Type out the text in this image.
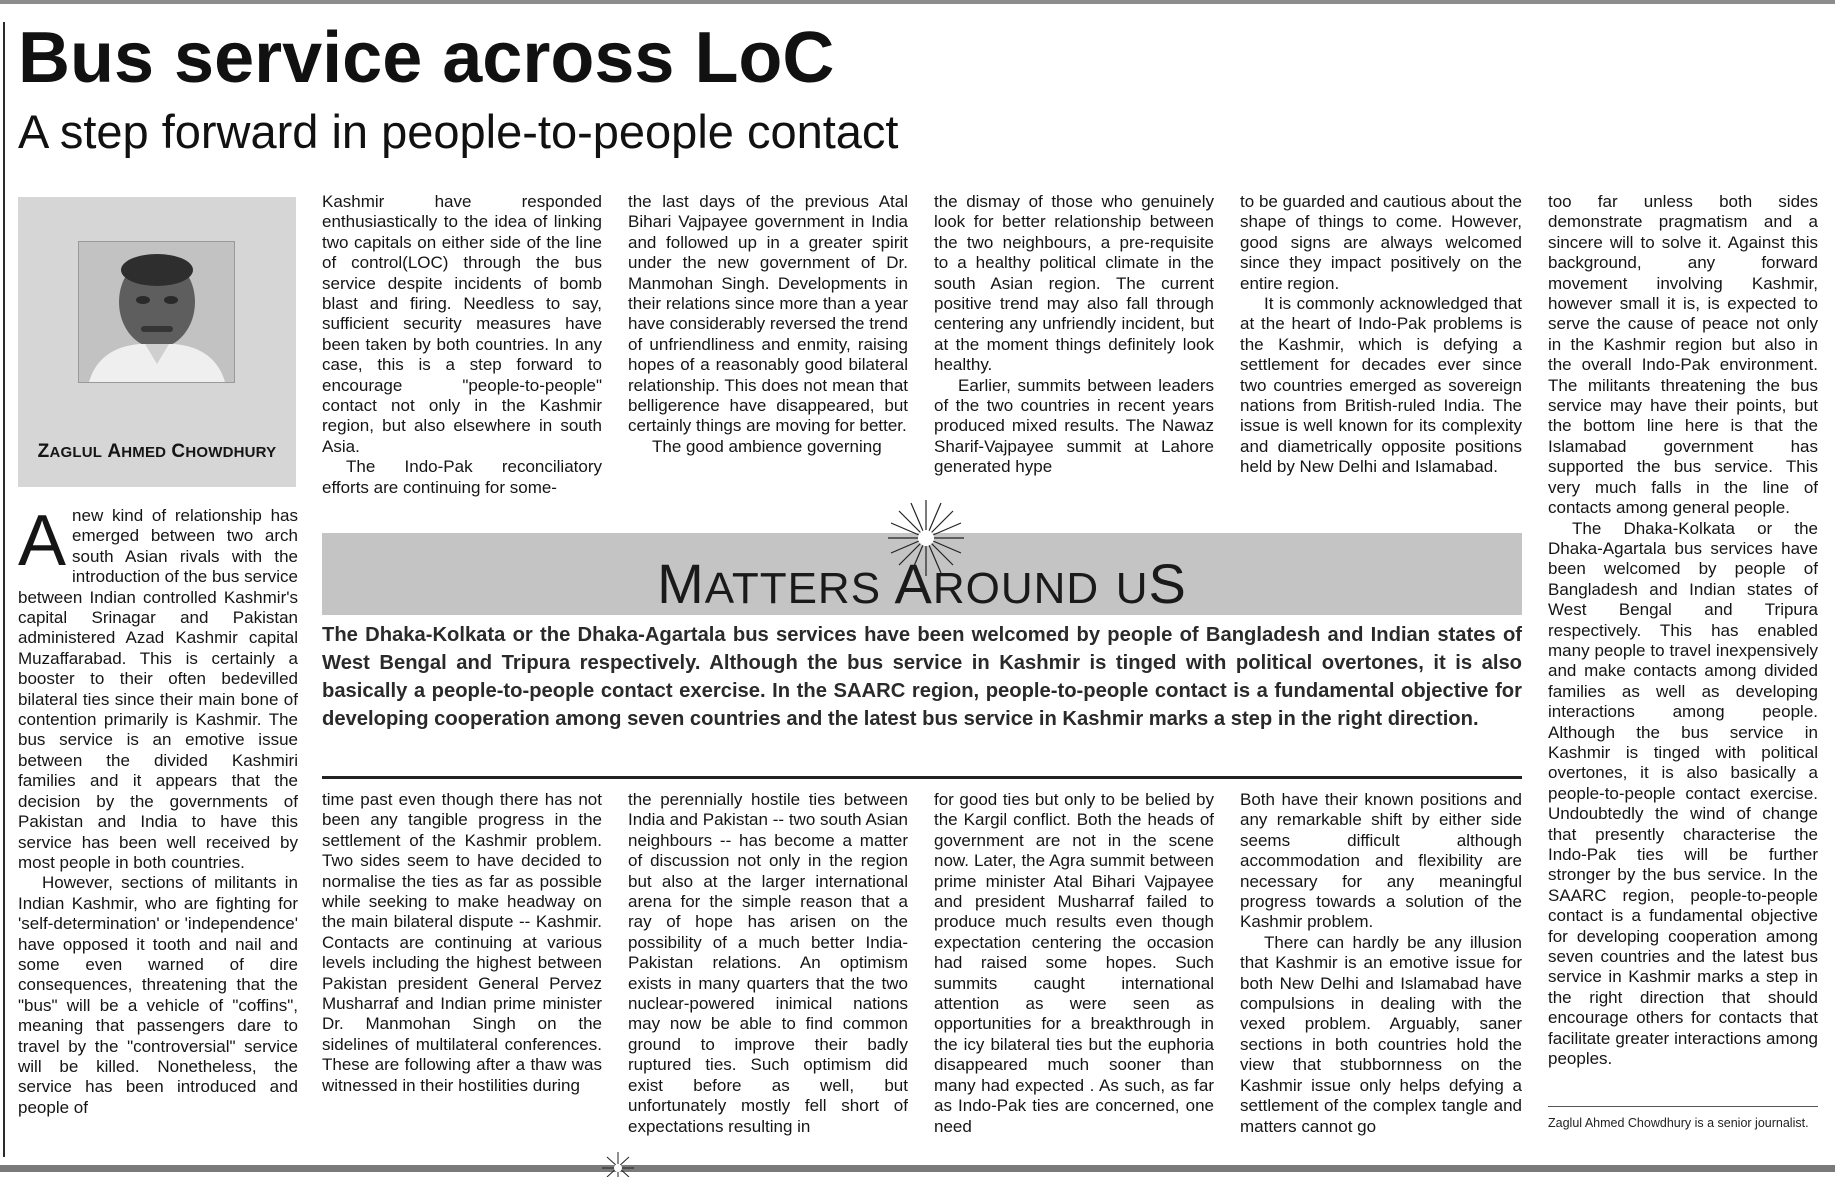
Bus service across LoC
A step forward in people-to-people contact
ZAGLUL AHMED CHOWDHURY

A new kind of relationship has emerged between two arch south Asian rivals with the introduction of the bus service between Indian controlled Kashmir's capital Srinagar and Pakistan administered Azad Kashmir capital Muzaffarabad. This is certainly a booster to their often bedevilled bilateral ties since their main bone of contention primarily is Kashmir. The bus service is an emotive issue between the divided Kashmiri families and it appears that the decision by the governments of Pakistan and India to have this service has been well received by most people in both countries.

However, sections of militants in Indian Kashmir, who are fighting for 'self-determination' or 'independence' have opposed it tooth and nail and some even warned of dire consequences, threatening that the "bus" will be a vehicle of "coffins", meaning that passengers dare to travel by the "controversial" service will be killed. Nonetheless, the service has been introduced and people of

Kashmir have responded enthusiastically to the idea of linking two capitals on either side of the line of control(LOC) through the bus service despite incidents of bomb blast and firing. Needless to say, sufficient security measures have been taken by both countries. In any case, this is a step forward to encourage "people-to-people" contact not only in the Kashmir region, but also elsewhere in south Asia.

The Indo-Pak reconciliatory efforts are continuing for some-

the last days of the previous Atal Bihari Vajpayee government in India and followed up in a greater spirit under the new government of Dr. Manmohan Singh. Developments in their relations since more than a year have considerably reversed the trend of unfriendliness and enmity, raising hopes of a reasonably good bilateral relationship. This does not mean that belligerence have disappeared, but certainly things are moving for better.

The good ambience governing

the dismay of those who genuinely look for better relationship between the two neighbours, a pre-requisite to a healthy political climate in the south Asian region. The current positive trend may also fall through centering any unfriendly incident, but at the moment things definitely look healthy.

Earlier, summits between leaders of the two countries in recent years produced mixed results. The Nawaz Sharif-Vajpayee summit at Lahore generated hype

to be guarded and cautious about the shape of things to come. However, good signs are always welcomed since they impact positively on the entire region.

It is commonly acknowledged that at the heart of Indo-Pak problems is the Kashmir, which is defying a settlement for decades ever since two countries emerged as sovereign nations from British-ruled India. The issue is well known for its complexity and diametrically opposite positions held by New Delhi and Islamabad.

MATTERS AROUND US

The Dhaka-Kolkata or the Dhaka-Agartala bus services have been welcomed by people of Bangladesh and Indian states of West Bengal and Tripura respectively. Although the bus service in Kashmir is tinged with political overtones, it is also basically a people-to-people contact exercise. In the SAARC region, people-to-people contact is a fundamental objective for developing cooperation among seven countries and the latest bus service in Kashmir marks a step in the right direction.

time past even though there has not been any tangible progress in the settlement of the Kashmir problem. Two sides seem to have decided to normalise the ties as far as possible while seeking to make headway on the main bilateral dispute -- Kashmir. Contacts are continuing at various levels including the highest between Pakistan president General Pervez Musharraf and Indian prime minister Dr. Manmohan Singh on the sidelines of multilateral conferences. These are following after a thaw was witnessed in their hostilities during

the perennially hostile ties between India and Pakistan -- two south Asian neighbours -- has become a matter of discussion not only in the region but also at the larger international arena for the simple reason that a ray of hope has arisen on the possibility of a much better India-Pakistan relations. An optimism exists in many quarters that the two nuclear-powered inimical nations may now be able to find common ground to improve their badly ruptured ties. Such optimism did exist before as well, but unfortunately mostly fell short of expectations resulting in

for good ties but only to be belied by the Kargil conflict. Both the heads of government are not in the scene now. Later, the Agra summit between prime minister Atal Bihari Vajpayee and president Musharraf failed to produce much results even though expectation centering the occasion had raised some hopes. Such summits caught international attention as were seen as opportunities for a breakthrough in the icy bilateral ties but the euphoria disappeared much sooner than many had expected . As such, as far as Indo-Pak ties are concerned, one need

Both have their known positions and any remarkable shift by either side seems difficult although accommodation and flexibility are necessary for any meaningful progress towards a solution of the Kashmir problem.

There can hardly be any illusion that Kashmir is an emotive issue for both New Delhi and Islamabad have compulsions in dealing with the vexed problem. Arguably, saner sections in both countries hold the view that stubbornness on the Kashmir issue only helps defying a settlement of the complex tangle and matters cannot go

too far unless both sides demonstrate pragmatism and a sincere will to solve it. Against this background, any forward movement involving Kashmir, however small it is, is expected to serve the cause of peace not only in the Kashmir region but also in the overall Indo-Pak environment. The militants threatening the bus service may have their points, but the bottom line here is that the Islamabad government has supported the bus service. This very much falls in the line of contacts among general people.

The Dhaka-Kolkata or the Dhaka-Agartala bus services have been welcomed by people of Bangladesh and Indian states of West Bengal and Tripura respectively. This has enabled many people to travel inexpensively and make contacts among divided families as well as developing interactions among people. Although the bus service in Kashmir is tinged with political overtones, it is also basically a people-to-people contact exercise. Undoubtedly the wind of change that presently characterise the Indo-Pak ties will be further stronger by the bus service. In the SAARC region, people-to-people contact is a fundamental objective for developing cooperation among seven countries and the latest bus service in Kashmir marks a step in the right direction that should encourage others for contacts that facilitate greater interactions among peoples.

Zaglul Ahmed Chowdhury is a senior journalist.
